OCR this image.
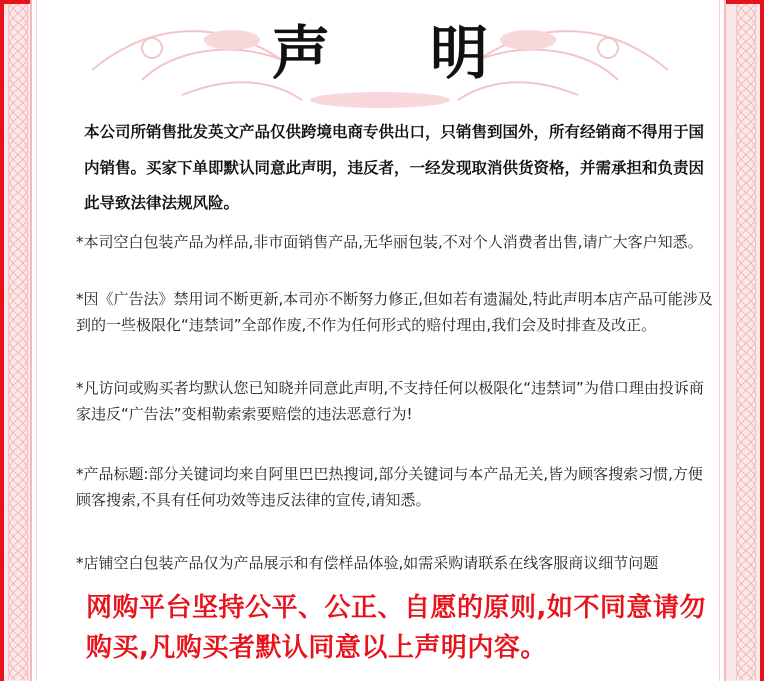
声 明
本公司所销售批发英文产品仅供跨境电商专供出口，只销售到国外，所有经销商不得用于国内销售。买家下单即默认同意此声明，违反者，一经发现取消供货资格，并需承担和负责因此导致法律法规风险。
*本司空白包装产品为样品,非市面销售产品,无华丽包装,不对个人消费者出售,请广大客户知悉。
*因《广告法》禁用词不断更新,本司亦不断努力修正,但如若有遗漏处,特此声明本店产品可能涉及到的一些极限化“违禁词”全部作废,不作为任何形式的赔付理由,我们会及时排查及改正。
*凡访问或购买者均默认您已知晓并同意此声明,不支持任何以极限化“违禁词”为借口理由投诉商家违反“广告法”变相勒索索要赔偿的违法恶意行为!
*产品标题:部分关键词均来自阿里巴巴热搜词,部分关键词与本产品无关,皆为顾客搜索习惯,方便顾客搜索,不具有任何功效等违反法律的宣传,请知悉。
*店铺空白包装产品仅为产品展示和有偿样品体验,如需采购请联系在线客服商议细节问题
网购平台坚持公平、公正、自愿的原则,如不同意请勿购买,凡购买者默认同意以上声明内容。
